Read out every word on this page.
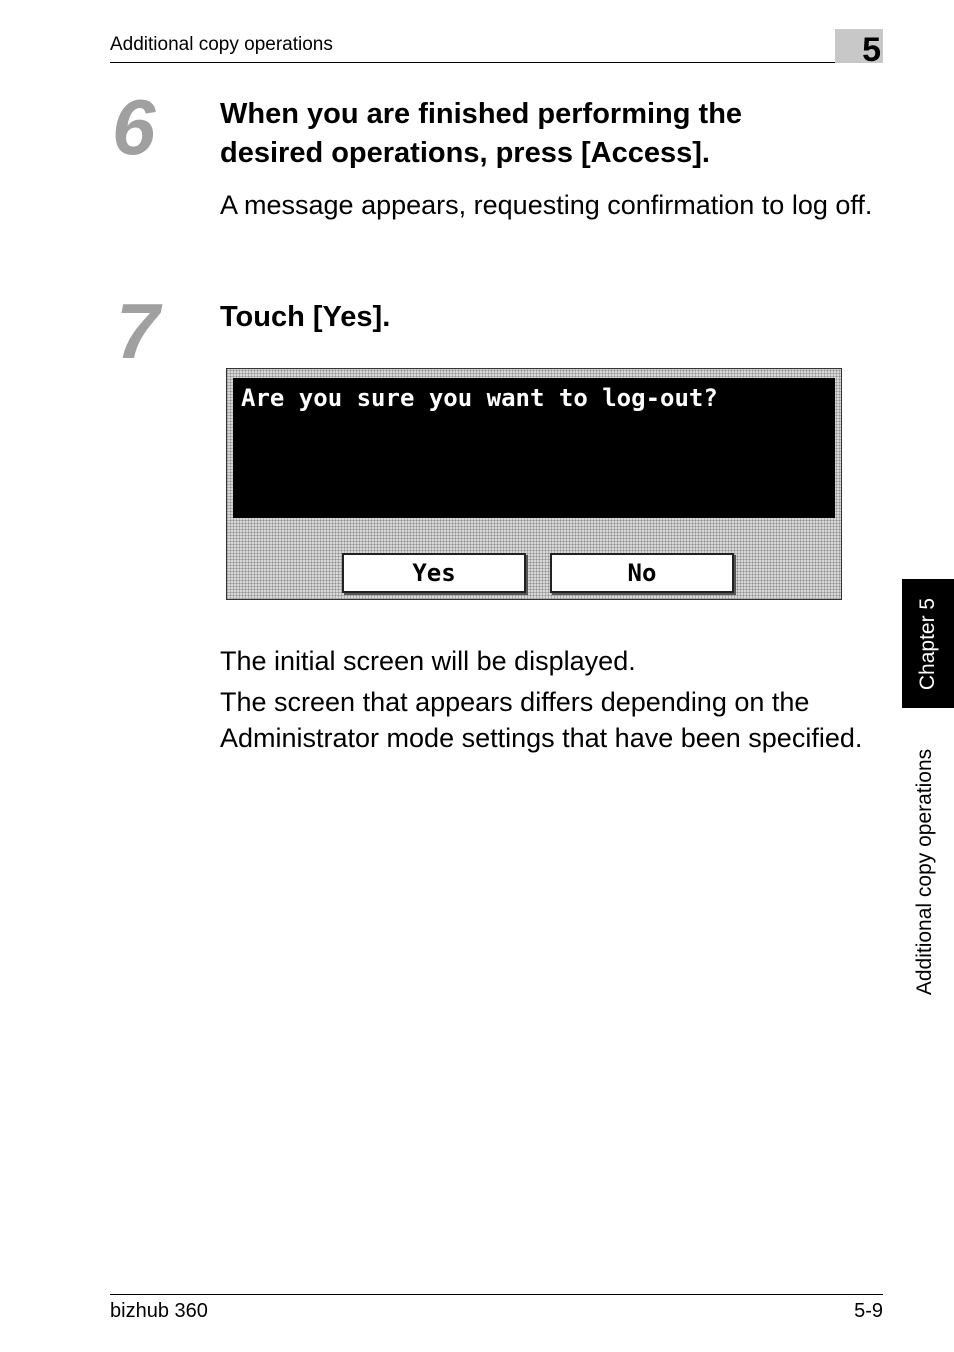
Additional copy operations	5
6 When you are finished performing the
desired operations, press [Access].

A message appears, requesting confirmation to log off.

7 Touch [Yes].
Are you sure you want to log-out?
Yes	No

The initial screen will be displayed.

The screen that appears differs depending on the Administrator mode settings that have been specified.

Chapter 5
Additional copy operations
bizhub 360	5-9
